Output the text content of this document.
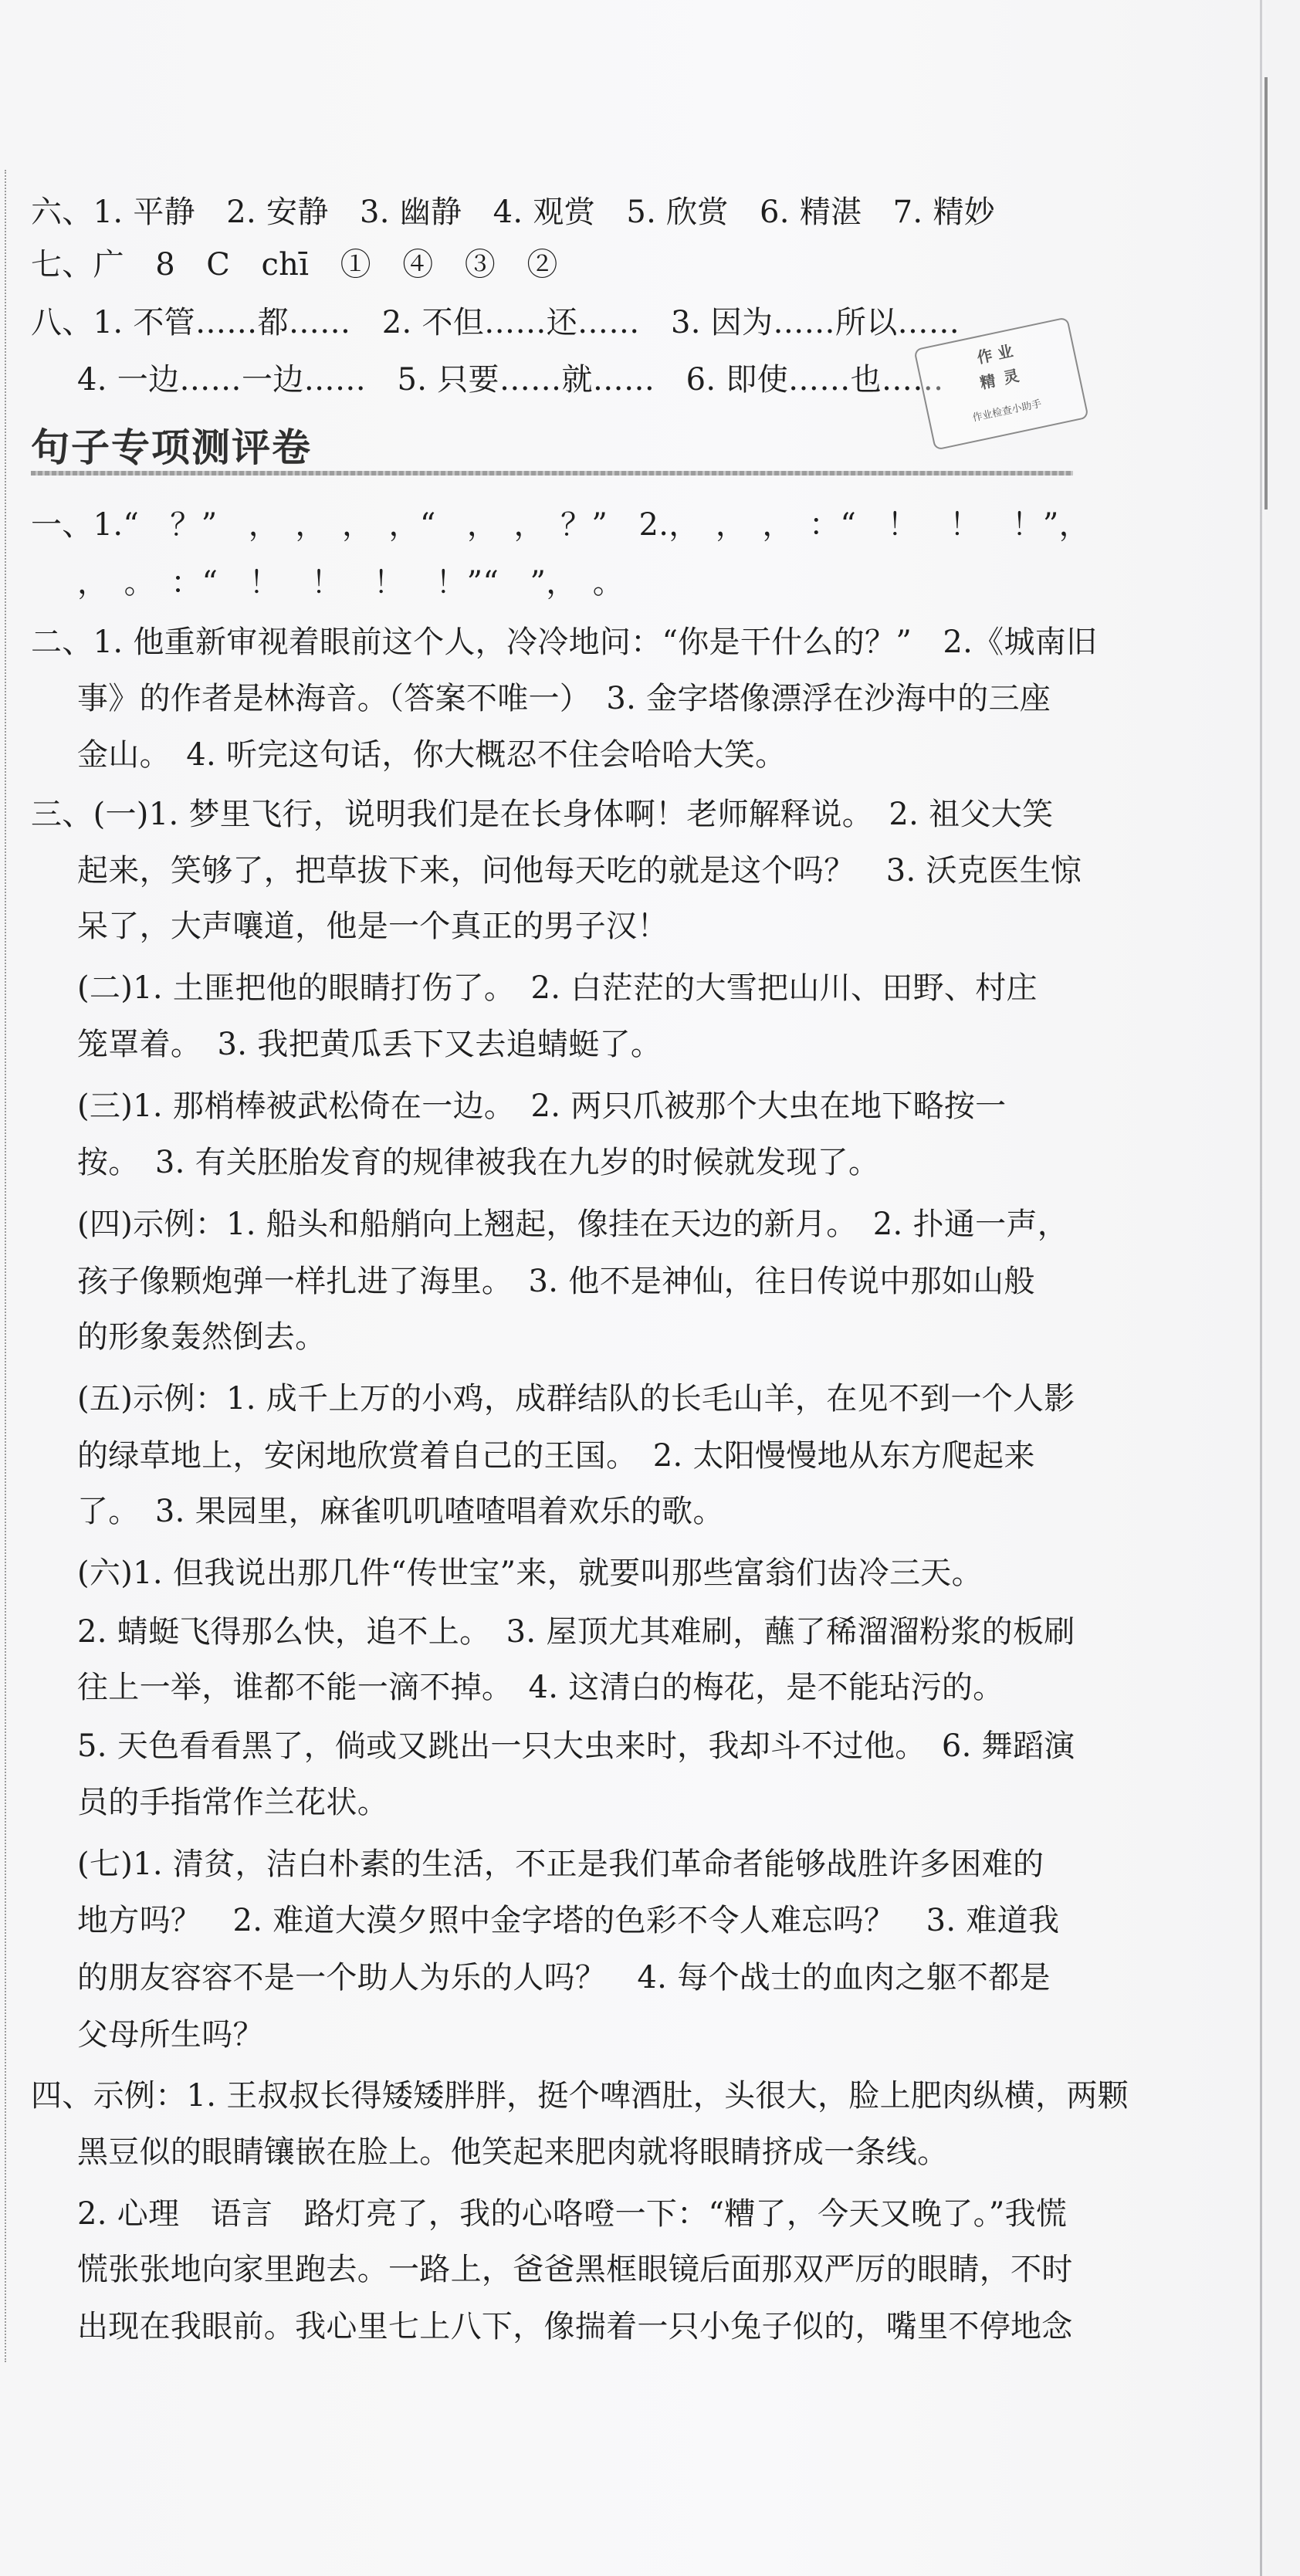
六、1. 平静　2. 安静　3. 幽静　4. 观赏　5. 欣赏　6. 精湛　7. 精妙
七、广　8　C　chī　①　④　③　②
八、1. 不管……都……　2. 不但……还……　3. 因为……所以……
4. 一边……一边……　5. 只要……就……　6. 即使……也……
作 业
精 灵
作业检查小助手
句子专项测评卷
一、1.“　？”　，　，　，　，“　，　，　？”　2.，　，　，　：“　！　！　！”，
，　。　：“　！　！　！　！”“　”，　。
二、1. 他重新审视着眼前这个人，冷冷地问：“你是干什么的？”　2.《城南旧
事》的作者是林海音。（答案不唯一）　3. 金字塔像漂浮在沙海中的三座
金山。　4. 听完这句话，你大概忍不住会哈哈大笑。
三、(一)1. 梦里飞行，说明我们是在长身体啊！老师解释说。　2. 祖父大笑
起来，笑够了，把草拔下来，问他每天吃的就是这个吗？　3. 沃克医生惊
呆了，大声嚷道，他是一个真正的男子汉！
(二)1. 土匪把他的眼睛打伤了。　2. 白茫茫的大雪把山川、田野、村庄
笼罩着。　3. 我把黄瓜丢下又去追蜻蜓了。
(三)1. 那梢棒被武松倚在一边。　2. 两只爪被那个大虫在地下略按一
按。　3. 有关胚胎发育的规律被我在九岁的时候就发现了。
(四)示例：1. 船头和船艄向上翘起，像挂在天边的新月。　2. 扑通一声，
孩子像颗炮弹一样扎进了海里。　3. 他不是神仙，往日传说中那如山般
的形象轰然倒去。
(五)示例：1. 成千上万的小鸡，成群结队的长毛山羊，在见不到一个人影
的绿草地上，安闲地欣赏着自己的王国。　2. 太阳慢慢地从东方爬起来
了。　3. 果园里，麻雀叽叽喳喳唱着欢乐的歌。
(六)1. 但我说出那几件“传世宝”来，就要叫那些富翁们齿冷三天。
2. 蜻蜓飞得那么快，追不上。　3. 屋顶尤其难刷，蘸了稀溜溜粉浆的板刷
往上一举，谁都不能一滴不掉。　4. 这清白的梅花，是不能玷污的。
5. 天色看看黑了，倘或又跳出一只大虫来时，我却斗不过他。　6. 舞蹈演
员的手指常作兰花状。
(七)1. 清贫，洁白朴素的生活，不正是我们革命者能够战胜许多困难的
地方吗？　2. 难道大漠夕照中金字塔的色彩不令人难忘吗？　3. 难道我
的朋友容容不是一个助人为乐的人吗？　4. 每个战士的血肉之躯不都是
父母所生吗？
四、示例：1. 王叔叔长得矮矮胖胖，挺个啤酒肚，头很大，脸上肥肉纵横，两颗
黑豆似的眼睛镶嵌在脸上。他笑起来肥肉就将眼睛挤成一条线。
2. 心理　语言　路灯亮了，我的心咯噔一下：“糟了，今天又晚了。”我慌
慌张张地向家里跑去。一路上，爸爸黑框眼镜后面那双严厉的眼睛，不时
出现在我眼前。我心里七上八下，像揣着一只小兔子似的，嘴里不停地念
